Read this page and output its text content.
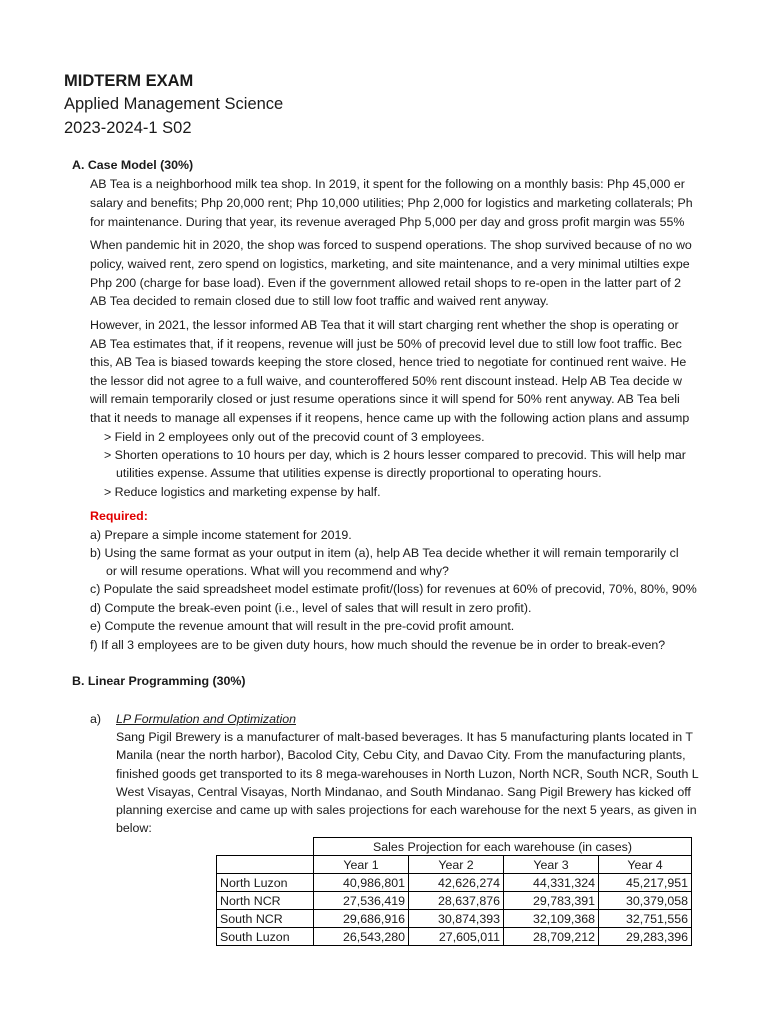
MIDTERM EXAM
Applied Management Science
2023-2024-1 S02
A. Case Model (30%)
AB Tea is a neighborhood milk tea shop. In 2019, it spent for the following on a monthly basis: Php 45,000 er
salary and benefits; Php 20,000 rent; Php 10,000 utilities; Php 2,000 for logistics and marketing collaterals; Ph
for maintenance. During that year, its revenue averaged Php 5,000 per day and gross profit margin was 55%
When pandemic hit in 2020, the shop was forced to suspend operations. The shop survived because of no wo
policy, waived rent, zero spend on logistics, marketing, and site maintenance, and a very minimal utilties expe
Php 200 (charge for base load). Even if the government allowed retail shops to re-open in the latter part of 2
AB Tea decided to remain closed due to still low foot traffic and waived rent anyway.
However, in 2021, the lessor informed AB Tea that it will start charging rent whether the shop is operating or
AB Tea estimates that, if it reopens, revenue will just be 50% of precovid level due to still low foot traffic. Bec
this, AB Tea is biased towards keeping the store closed, hence tried to negotiate for continued rent waive. He
the lessor did not agree to a full waive, and counteroffered 50% rent discount instead. Help AB Tea decide w
will remain temporarily closed or just resume operations since it will spend for 50% rent anyway. AB Tea beli
that it needs to manage all expenses if it reopens, hence came up with the following action plans and assump
> Field in 2 employees only out of the precovid count of 3 employees.
> Shorten operations to 10 hours per day, which is 2 hours lesser compared to precovid. This will help mar
utilities expense. Assume that utilities expense is directly proportional to operating hours.
> Reduce logistics and marketing expense by half.
Required:
a) Prepare a simple income statement for 2019.
b) Using the same format as your output in item (a), help AB Tea decide whether it will remain temporarily cl
or will resume operations. What will you recommend and why?
c) Populate the said spreadsheet model estimate profit/(loss) for revenues at 60% of precovid, 70%, 80%, 90%
d) Compute the break-even point (i.e., level of sales that will result in zero profit).
e) Compute the revenue amount that will result in the pre-covid profit amount.
f) If all 3 employees are to be given duty hours, how much should the revenue be in order to break-even?
B. Linear Programming (30%)
a) LP Formulation and Optimization
Sang Pigil Brewery is a manufacturer of malt-based beverages. It has 5 manufacturing plants located in T
Manila (near the north harbor), Bacolod City, Cebu City, and Davao City. From the manufacturing plants,
finished goods get transported to its 8 mega-warehouses in North Luzon, North NCR, South NCR, South L
West Visayas, Central Visayas, North Mindanao, and South Mindanao. Sang Pigil Brewery has kicked off
planning exercise and came up with sales projections for each warehouse for the next 5 years, as given in
below:
	Sales Projection for each warehouse (in cases)			
	Year 1	Year 2	Year 3	Year 4
North Luzon	40,986,801	42,626,274	44,331,324	45,217,951
North NCR	27,536,419	28,637,876	29,783,391	30,379,058
South NCR	29,686,916	30,874,393	32,109,368	32,751,556
South Luzon	26,543,280	27,605,011	28,709,212	29,283,396
